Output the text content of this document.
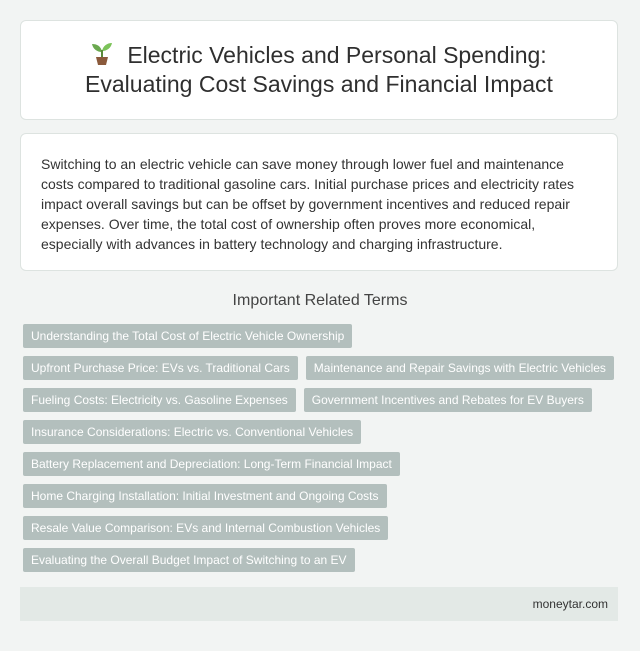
Electric Vehicles and Personal Spending: Evaluating Cost Savings and Financial Impact

Switching to an electric vehicle can save money through lower fuel and maintenance costs compared to traditional gasoline cars. Initial purchase prices and electricity rates impact overall savings but can be offset by government incentives and reduced repair expenses. Over time, the total cost of ownership often proves more economical, especially with advances in battery technology and charging infrastructure.

Important Related Terms
Understanding the Total Cost of Electric Vehicle Ownership
Upfront Purchase Price: EVs vs. Traditional Cars	Maintenance and Repair Savings with Electric Vehicles
Fueling Costs: Electricity vs. Gasoline Expenses	Government Incentives and Rebates for EV Buyers
Insurance Considerations: Electric vs. Conventional Vehicles
Battery Replacement and Depreciation: Long-Term Financial Impact
Home Charging Installation: Initial Investment and Ongoing Costs
Resale Value Comparison: EVs and Internal Combustion Vehicles
Evaluating the Overall Budget Impact of Switching to an EV
moneytar.com
